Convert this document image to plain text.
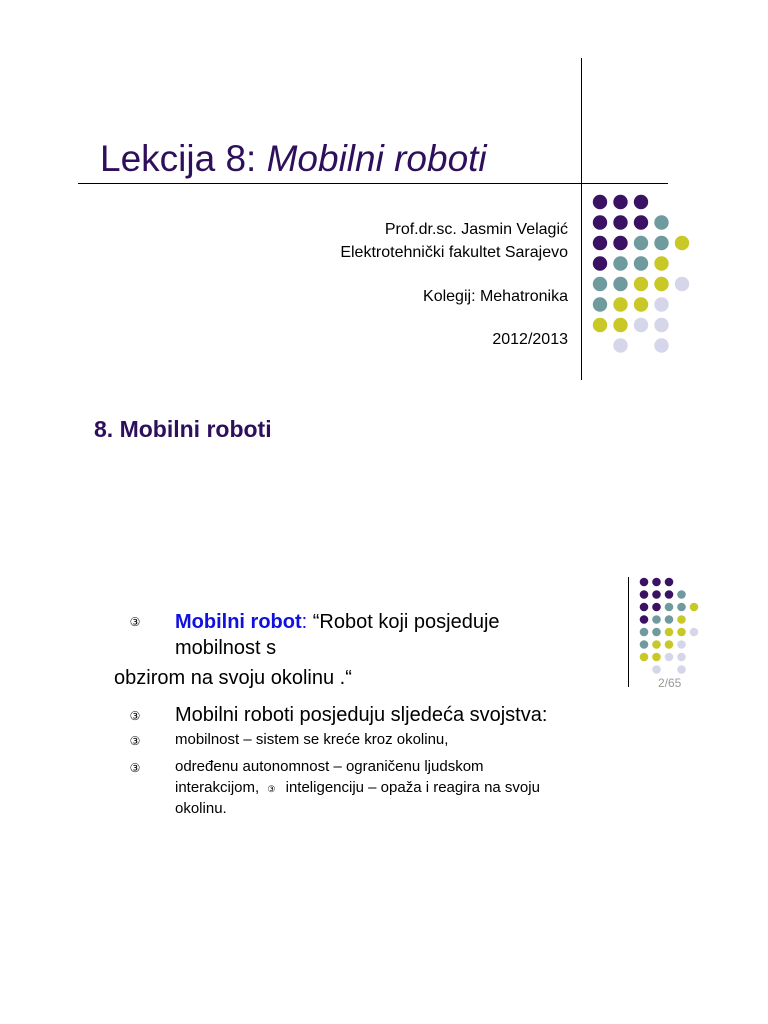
Lekcija 8: Mobilni roboti
Prof.dr.sc. Jasmin Velagić
Elektrotehnički fakultet Sarajevo
Kolegij: Mehatronika
2012/2013
8. Mobilni roboti
2/65
③	Mobilni robot: “Robot koji posjeduje
mobilnost s
obzirom na svoju okolinu .“
③	Mobilni roboti posjeduju sljedeća svojstva:
③	mobilnost – sistem se kreće kroz okolinu,
③	određenu autonomnost – ograničenu ljudskom
interakcijom, ③ inteligenciju – opaža i reagira na svoju
okolinu.
